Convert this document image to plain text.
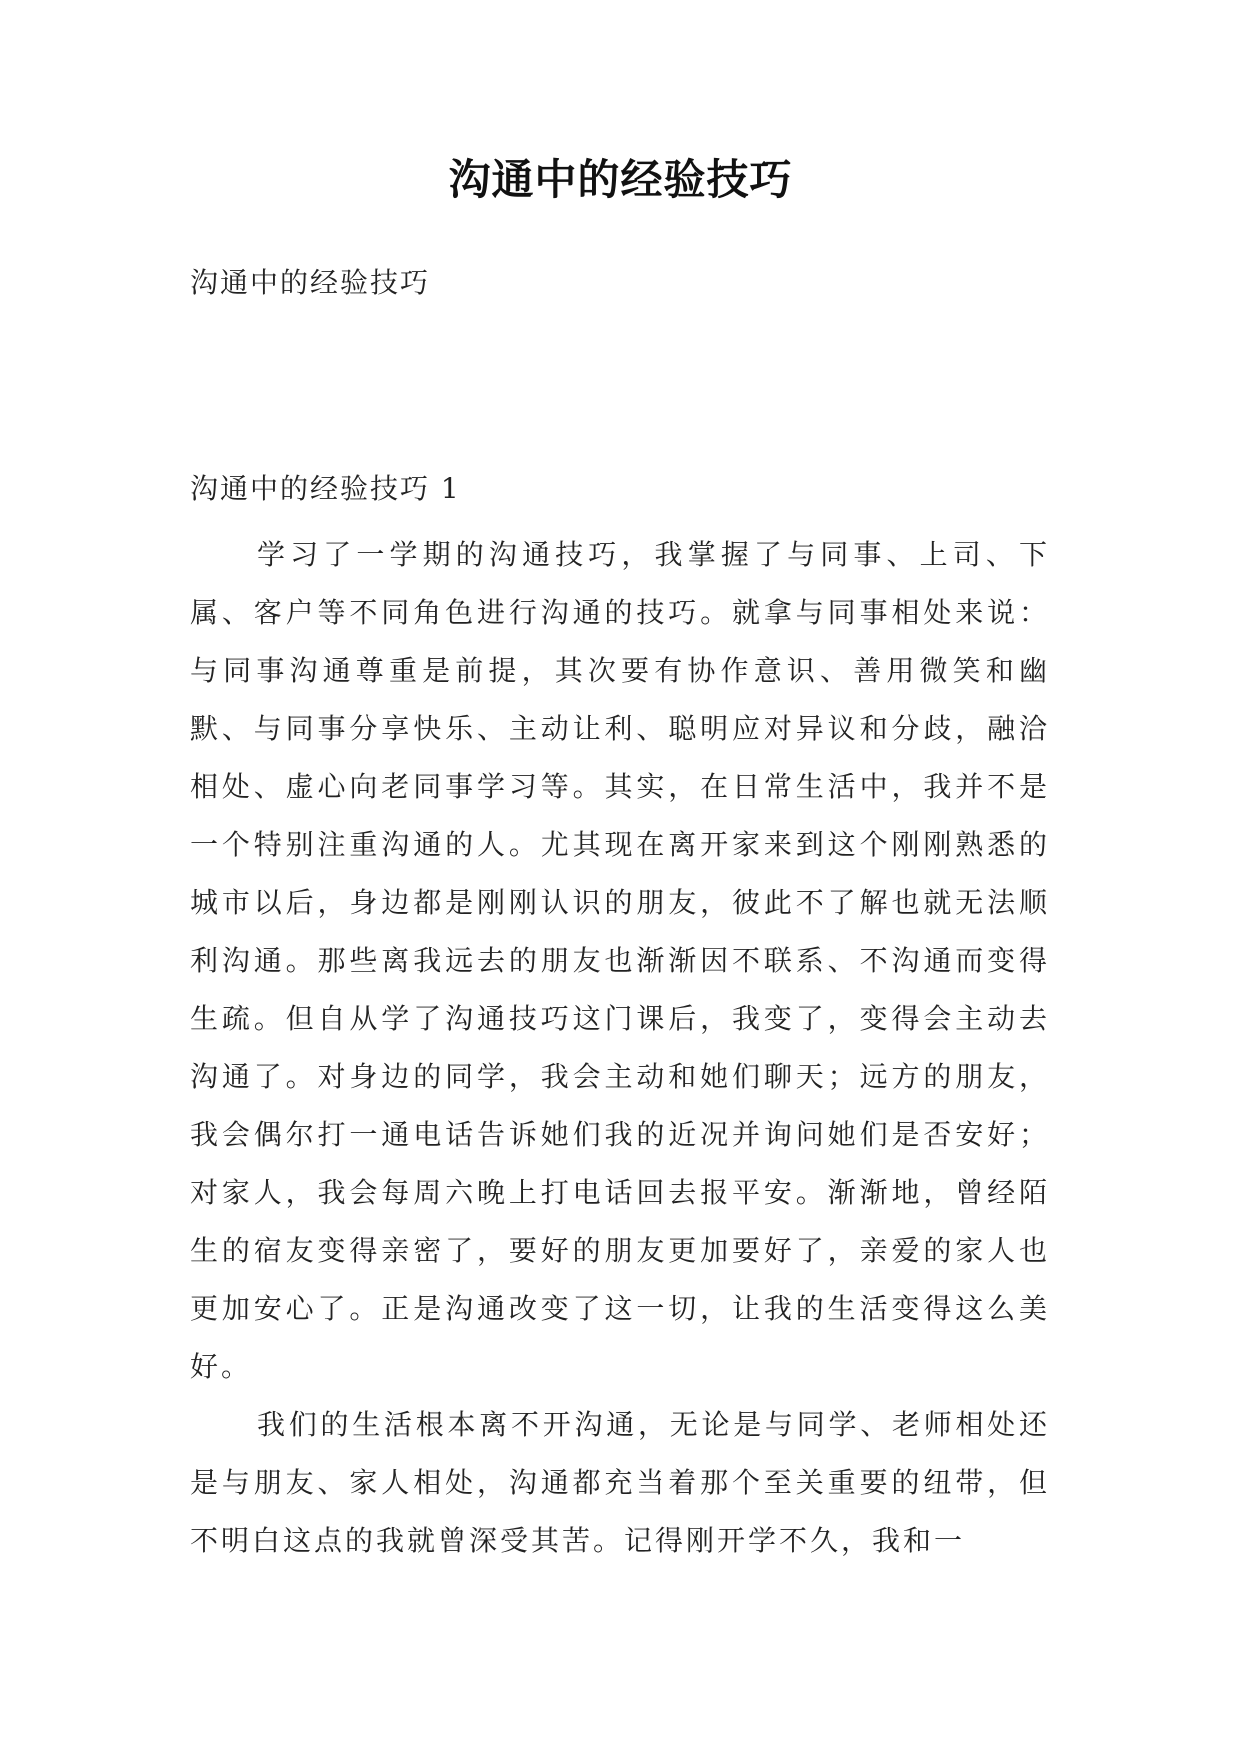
沟通中的经验技巧
沟通中的经验技巧
沟通中的经验技巧 1

学习了一学期的沟通技巧，我掌握了与同事、上司、下属、客户等不同角色进行沟通的技巧。就拿与同事相处来说：与同事沟通尊重是前提，其次要有协作意识、善用微笑和幽默、与同事分享快乐、主动让利、聪明应对异议和分歧，融洽相处、虚心向老同事学习等。其实，在日常生活中，我并不是一个特别注重沟通的人。尤其现在离开家来到这个刚刚熟悉的城市以后，身边都是刚刚认识的朋友，彼此不了解也就无法顺利沟通。那些离我远去的朋友也渐渐因不联系、不沟通而变得生疏。但自从学了沟通技巧这门课后，我变了，变得会主动去沟通了。对身边的同学，我会主动和她们聊天；远方的朋友，我会偶尔打一通电话告诉她们我的近况并询问她们是否安好；对家人，我会每周六晚上打电话回去报平安。渐渐地，曾经陌生的宿友变得亲密了，要好的朋友更加要好了，亲爱的家人也更加安心了。正是沟通改变了这一切，让我的生活变得这么美好。

我们的生活根本离不开沟通，无论是与同学、老师相处还是与朋友、家人相处，沟通都充当着那个至关重要的纽带，但不明白这点的我就曾深受其苦。记得刚开学不久，我和一
